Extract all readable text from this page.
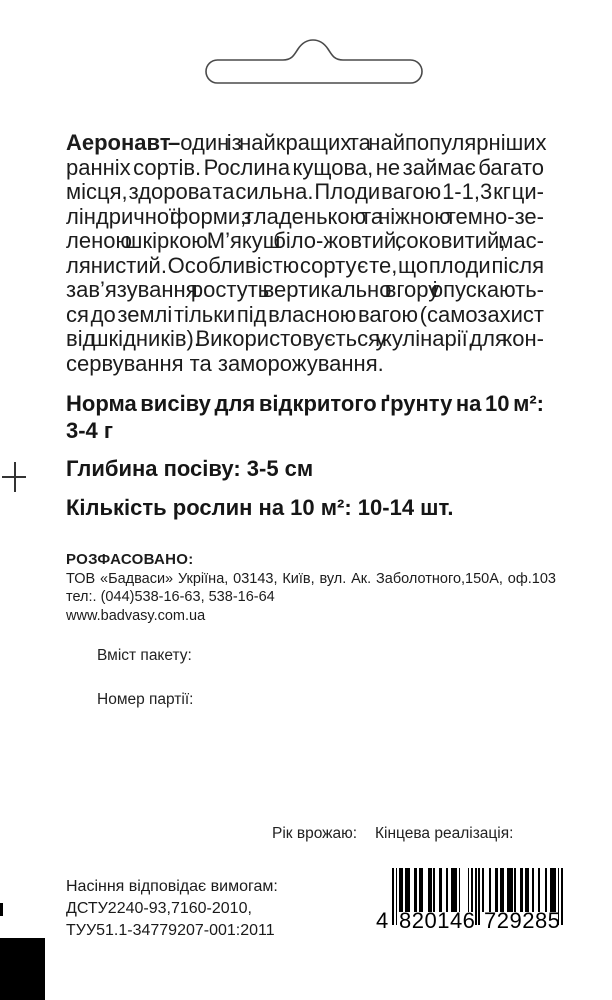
Аеронавт – один із найкращих та найпопулярніших
ранніх сортів. Рослина кущова, не займає багато
місця, здорова та сильна. Плоди вагою 1-1,3 кг ци-
ліндричної форми, з гладенькою та ніжною темно-зе-
леною шкіркою. М’якуш біло-жовтий, соковитий, мас-
лянистий. Особливістю сорту є те, що плоди після
зав’язування ростуть вертикально вгору і опускають-
ся до землі тільки під власною вагою (самозахист
від шкідників). Використовується у кулінарії, для кон-
сервування та заморожування.
Норма висіву для відкритого ґрунту на 10 м²:
3-4 г
Глибина посіву: 3-5 см
Кількість рослин на 10 м²: 10-14 шт.
РОЗФАСОВАНО:
ТОВ «Бадваси» Укріїна, 03143, Київ, вул. Ак. Заболотного,150А, оф.103
тел:. (044)538-16-63, 538-16-64
www.badvasy.com.ua
Вміст пакету:
Номер партії:
Рік врожаю: Кінцева реалізація:
Насіння відповідає вимогам:
ДСТУ2240-93,7160-2010,
ТУУ51.1-34779207-001:2011	4 820146 729285
